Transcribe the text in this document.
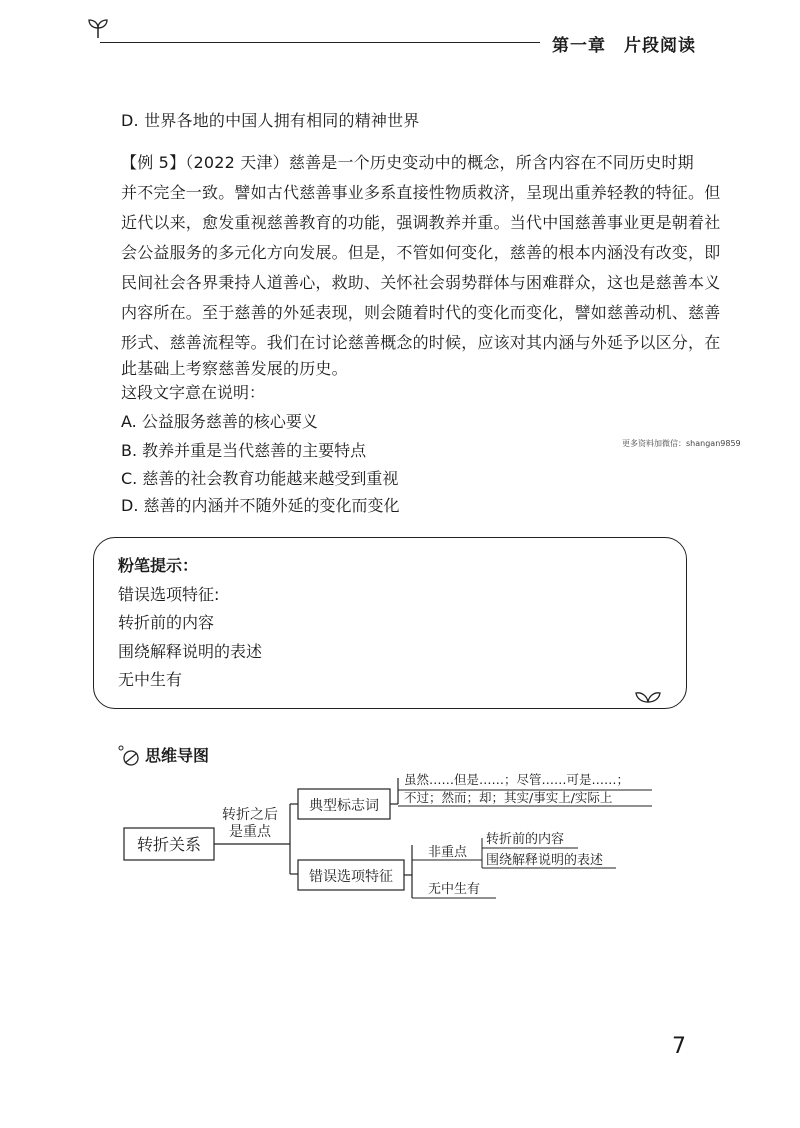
第一章　片段阅读
D. 世界各地的中国人拥有相同的精神世界
【例 5】（2022 天津）慈善是一个历史变动中的概念，所含内容在不同历史时期
并不完全一致。譬如古代慈善事业多系直接性物质救济，呈现出重养轻教的特征。但
近代以来，愈发重视慈善教育的功能，强调教养并重。当代中国慈善事业更是朝着社
会公益服务的多元化方向发展。但是，不管如何变化，慈善的根本内涵没有改变，即
民间社会各界秉持人道善心，救助、关怀社会弱势群体与困难群众，这也是慈善本义
内容所在。至于慈善的外延表现，则会随着时代的变化而变化，譬如慈善动机、慈善
形式、慈善流程等。我们在讨论慈善概念的时候，应该对其内涵与外延予以区分，在
此基础上考察慈善发展的历史。
这段文字意在说明：
A. 公益服务慈善的核心要义
B. 教养并重是当代慈善的主要特点
C. 慈善的社会教育功能越来越受到重视
D. 慈善的内涵并不随外延的变化而变化
更多资料加微信：shangan9859
粉笔提示：
错误选项特征:
转折前的内容
围绕解释说明的表述
无中生有
思维导图
转折关系
转折之后
是重点
典型标志词
虽然……但是……；尽管……可是……；
不过；然而；却；其实/事实上/实际上
错误选项特征
非重点
转折前的内容
围绕解释说明的表述
无中生有
7
